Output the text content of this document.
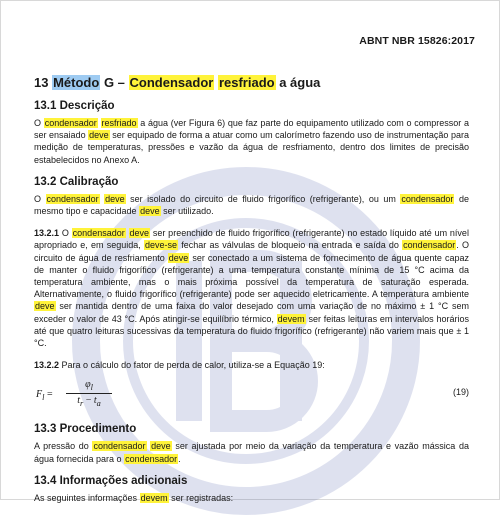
ABNT NBR 15826:2017
13 Método G – Condensador resfriado a água
13.1 Descrição

O condensador resfriado a água (ver Figura 6) que faz parte do equipamento utilizado com o compressor a ser ensaiado deve ser equipado de forma a atuar como um calorímetro fazendo uso de instrumentação para medição de temperaturas, pressões e vazão da água de resfriamento, dentro dos limites de precisão estabelecidos no Anexo A.

13.2 Calibração

O condensador deve ser isolado do circuito de fluido frigorífico (refrigerante), ou um condensador de mesmo tipo e capacidade deve ser utilizado.

13.2.1 O condensador deve ser preenchido de fluido frigorífico (refrigerante) no estado líquido até um nível apropriado e, em seguida, deve-se fechar as válvulas de bloqueio na entrada e saída do condensador. O circuito de água de resfriamento deve ser conectado a um sistema de fornecimento de água quente capaz de manter o fluido frigorífico (refrigerante) a uma temperatura constante mínima de 15 °C acima da temperatura ambiente, mas o mais próxima possível da temperatura de saturação esperada. Alternativamente, o fluido frigorífico (refrigerante) pode ser aquecido eletricamente. A temperatura ambiente deve ser mantida dentro de uma faixa do valor desejado com uma variação de no máximo ± 1 °C sem exceder o valor de 43 °C. Após atingir-se equilíbrio térmico, devem ser feitas leituras em intervalos horários até que quatro leituras sucessivas da temperatura do fluido frigorífico (refrigerante) não variem mais que ± 1 °C.

13.2.2 Para o cálculo do fator de perda de calor, utiliza-se a Equação 19:

$F_l$ =
$\varphi_l$
$t_r - t_a$
(19)
13.3 Procedimento

A pressão do condensador deve ser ajustada por meio da variação da temperatura e vazão mássica da água fornecida para o condensador.

13.4 Informações adicionais

As seguintes informações devem ser registradas:
